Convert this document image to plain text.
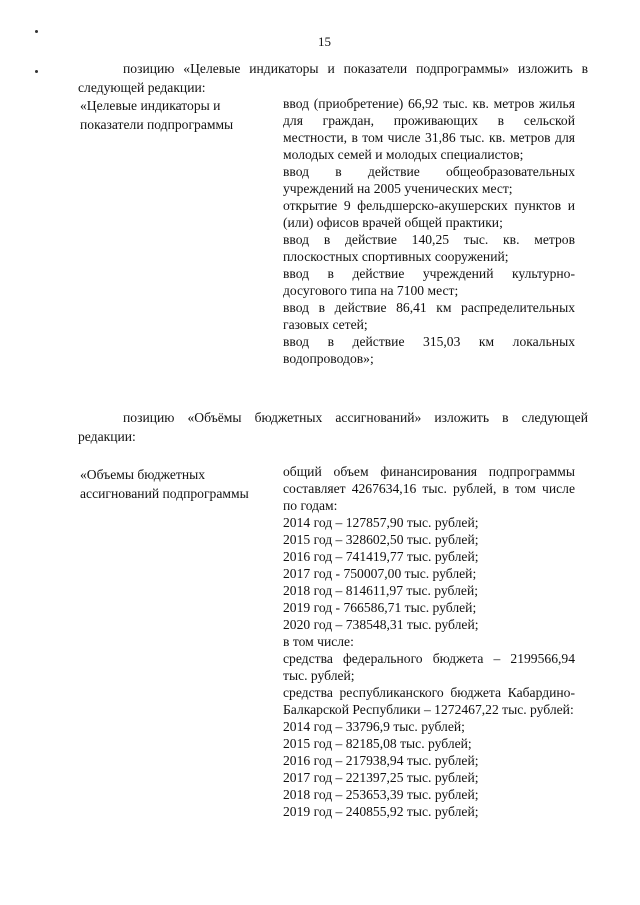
15
позицию «Целевые индикаторы и показатели подпрограммы» изложить в следующей редакции:
«Целевые индикаторы и показатели подпрограммы
ввод (приобретение) 66,92 тыс. кв. метров жилья для граждан, проживающих в сельской местности, в том числе 31,86 тыс. кв. метров для молодых семей и молодых специалистов;
ввод в действие общеобразовательных учреждений на 2005 ученических мест;
открытие 9 фельдшерско-акушерских пунктов и (или) офисов врачей общей практики;
ввод в действие 140,25 тыс. кв. метров плоскостных спортивных сооружений;
ввод в действие учреждений культурно-досугового типа на 7100 мест;
ввод в действие 86,41 км распределительных газовых сетей;
ввод в действие 315,03 км локальных водопроводов»;
позицию «Объёмы бюджетных ассигнований» изложить в следующей редакции:
«Объемы бюджетных ассигнований подпрограммы
общий объем финансирования подпрограммы составляет 4267634,16 тыс. рублей, в том числе по годам:
2014 год – 127857,90 тыс. рублей;
2015 год – 328602,50 тыс. рублей;
2016 год – 741419,77 тыс. рублей;
2017 год - 750007,00 тыс. рублей;
2018 год – 814611,97 тыс. рублей;
2019 год - 766586,71 тыс. рублей;
2020 год – 738548,31 тыс. рублей;
в том числе:
средства федерального бюджета – 2199566,94 тыс. рублей;
средства республиканского бюджета Кабардино-Балкарской Республики – 1272467,22 тыс. рублей:
2014 год – 33796,9 тыс. рублей;
2015 год – 82185,08 тыс. рублей;
2016 год – 217938,94 тыс. рублей;
2017 год – 221397,25 тыс. рублей;
2018 год – 253653,39 тыс. рублей;
2019 год – 240855,92 тыс. рублей;
